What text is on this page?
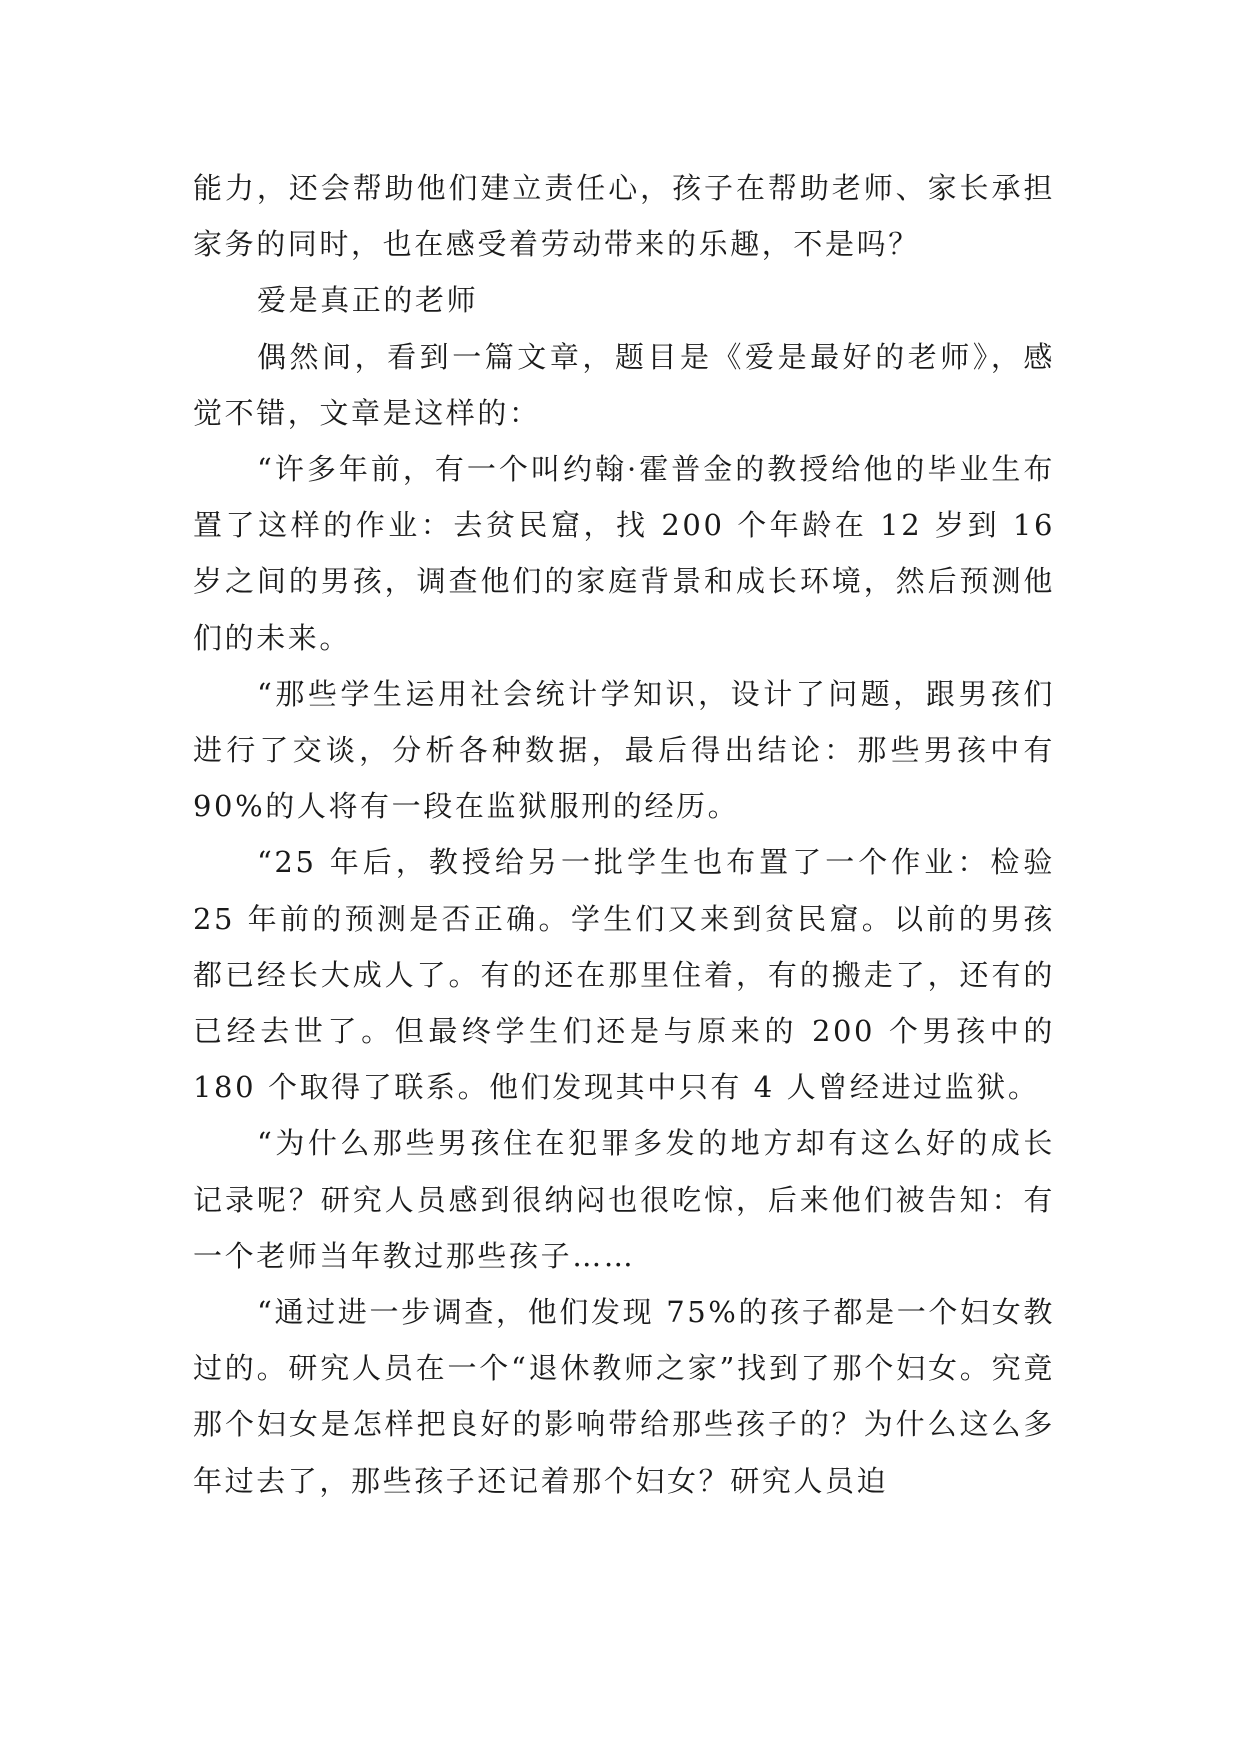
能力，还会帮助他们建立责任心，孩子在帮助老师、家长承担家务的同时，也在感受着劳动带来的乐趣，不是吗？

爱是真正的老师

偶然间，看到一篇文章，题目是《爱是最好的老师》，感觉不错，文章是这样的：

“许多年前，有一个叫约翰·霍普金的教授给他的毕业生布置了这样的作业：去贫民窟，找 200 个年龄在 12 岁到 16 岁之间的男孩，调查他们的家庭背景和成长环境，然后预测他们的未来。

“那些学生运用社会统计学知识，设计了问题，跟男孩们进行了交谈，分析各种数据，最后得出结论：那些男孩中有 90%的人将有一段在监狱服刑的经历。

“25 年后，教授给另一批学生也布置了一个作业：检验 25 年前的预测是否正确。学生们又来到贫民窟。以前的男孩都已经长大成人了。有的还在那里住着，有的搬走了，还有的已经去世了。但最终学生们还是与原来的 200 个男孩中的 180 个取得了联系。他们发现其中只有 4 人曾经进过监狱。

“为什么那些男孩住在犯罪多发的地方却有这么好的成长记录呢？研究人员感到很纳闷也很吃惊，后来他们被告知：有一个老师当年教过那些孩子……

“通过进一步调查，他们发现 75%的孩子都是一个妇女教过的。研究人员在一个“退休教师之家”找到了那个妇女。究竟那个妇女是怎样把良好的影响带给那些孩子的？为什么这么多年过去了，那些孩子还记着那个妇女？研究人员迫
